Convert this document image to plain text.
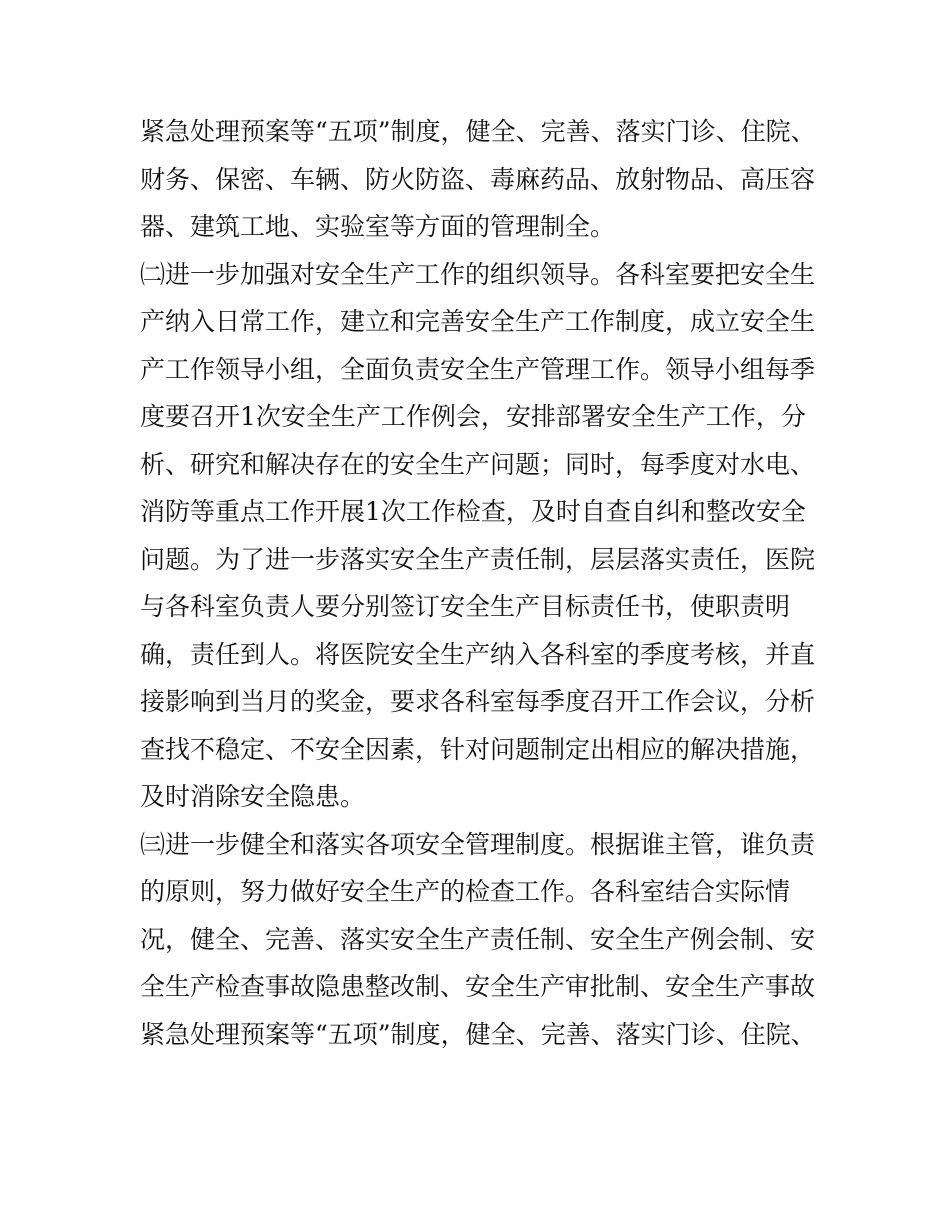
紧急处理预案等“五项”制度，健全、完善、落实门诊、住院、
财务、保密、车辆、防火防盗、毒麻药品、放射物品、高压容
器、建筑工地、实验室等方面的管理制全。
㈡进一步加强对安全生产工作的组织领导。各科室要把安全生
产纳入日常工作，建立和完善安全生产工作制度，成立安全生
产工作领导小组，全面负责安全生产管理工作。领导小组每季
度要召开1次安全生产工作例会，安排部署安全生产工作，分
析、研究和解决存在的安全生产问题；同时，每季度对水电、
消防等重点工作开展1次工作检查，及时自查自纠和整改安全
问题。为了进一步落实安全生产责任制，层层落实责任，医院
与各科室负责人要分别签订安全生产目标责任书，使职责明
确，责任到人。将医院安全生产纳入各科室的季度考核，并直
接影响到当月的奖金，要求各科室每季度召开工作会议，分析
查找不稳定、不安全因素，针对问题制定出相应的解决措施，
及时消除安全隐患。
㈢进一步健全和落实各项安全管理制度。根据谁主管，谁负责
的原则，努力做好安全生产的检查工作。各科室结合实际情
况，健全、完善、落实安全生产责任制、安全生产例会制、安
全生产检查事故隐患整改制、安全生产审批制、安全生产事故
紧急处理预案等“五项”制度，健全、完善、落实门诊、住院、
